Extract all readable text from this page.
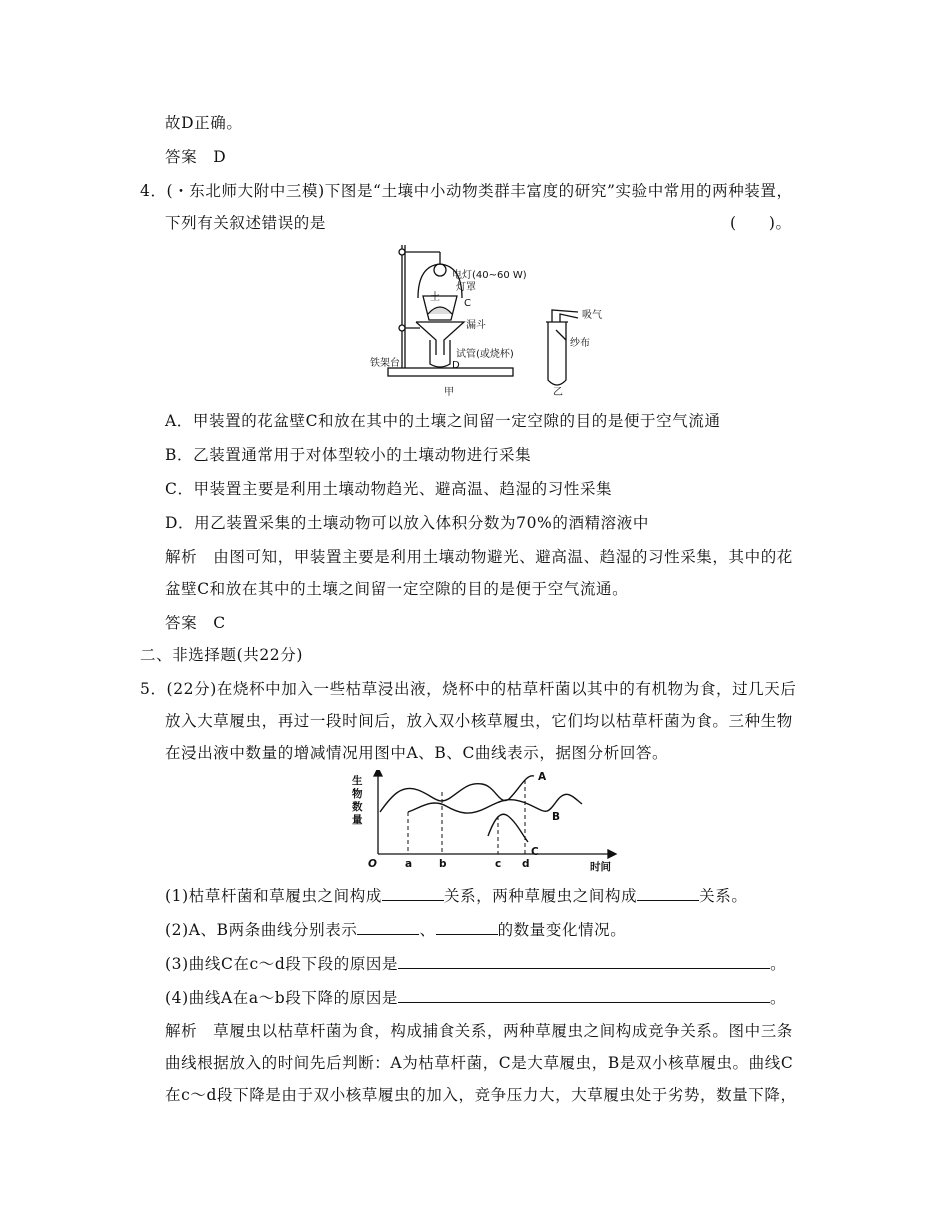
故D正确。
答案　D
4．(・东北师大附中三模)下图是“土壤中小动物类群丰富度的研究”实验中常用的两种装置，
下列有关叙述错误的是	(　　)。
电灯(40~60 W)
灯罩
土
C
漏斗
试管(或烧杯)
D
铁架台
甲
吸气
纱布
乙
A．甲装置的花盆壁C和放在其中的土壤之间留一定空隙的目的是便于空气流通
B．乙装置通常用于对体型较小的土壤动物进行采集
C．甲装置主要是利用土壤动物趋光、避高温、趋湿的习性采集
D．用乙装置采集的土壤动物可以放入体积分数为70%的酒精溶液中
解析　由图可知，甲装置主要是利用土壤动物避光、避高温、趋湿的习性采集，其中的花
盆壁C和放在其中的土壤之间留一定空隙的目的是便于空气流通。
答案　C
二、非选择题(共22分)
5．(22分)在烧杯中加入一些枯草浸出液，烧杯中的枯草杆菌以其中的有机物为食，过几天后
放入大草履虫，再过一段时间后，放入双小核草履虫，它们均以枯草杆菌为食。三种生物
在浸出液中数量的增减情况用图中A、B、C曲线表示，据图分析回答。
生
物
数
量
O	a	b	c d	时间
A
B
C
(1)枯草杆菌和草履虫之间构成	关系，两种草履虫之间构成	关系。
(2)A、B两条曲线分别表示	、	的数量变化情况。
(3)曲线C在c～d段下段的原因是	。
(4)曲线A在a～b段下降的原因是	。
解析　草履虫以枯草杆菌为食，构成捕食关系，两种草履虫之间构成竞争关系。图中三条
曲线根据放入的时间先后判断：A为枯草杆菌，C是大草履虫，B是双小核草履虫。曲线C
在c～d段下降是由于双小核草履虫的加入，竞争压力大，大草履虫处于劣势，数量下降，
